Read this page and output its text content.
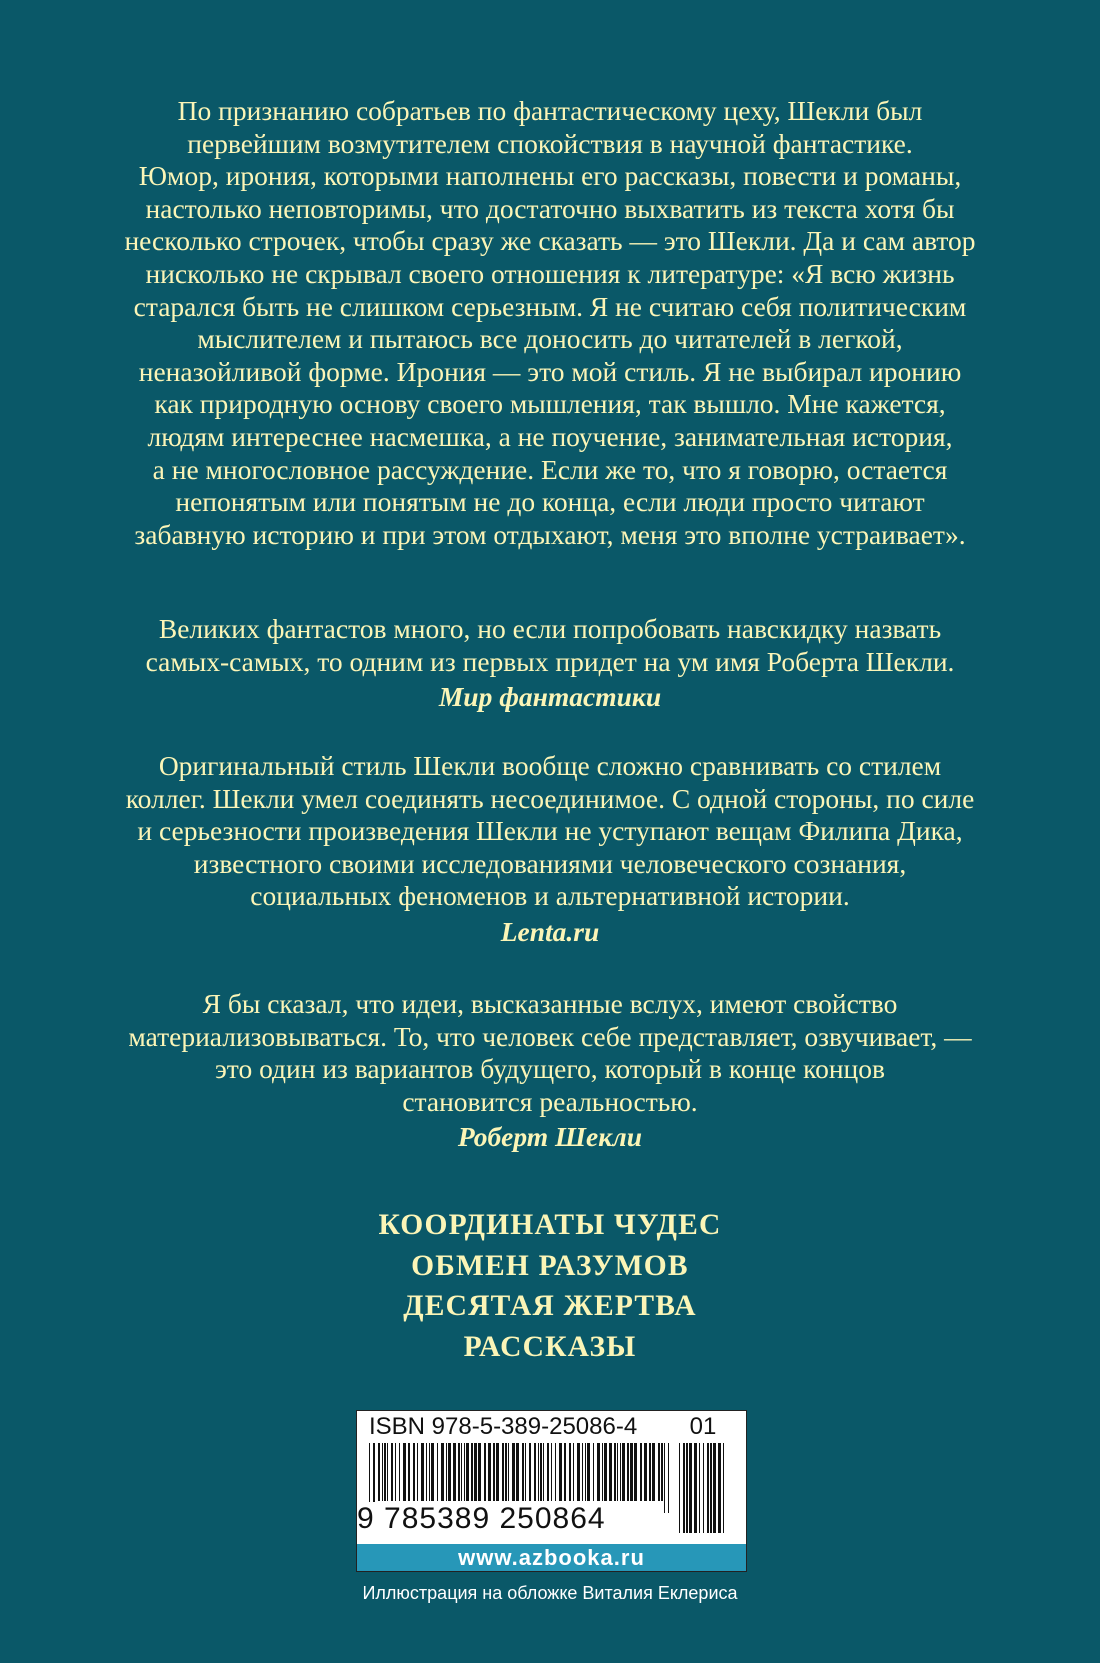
По признанию собратьев по фантастическому цеху, Шекли был
первейшим возмутителем спокойствия в научной фантастике.
Юмор, ирония, которыми наполнены его рассказы, повести и романы,
настолько неповторимы, что достаточно выхватить из текста хотя бы
несколько строчек, чтобы сразу же сказать — это Шекли. Да и сам автор
нисколько не скрывал своего отношения к литературе: «Я всю жизнь
старался быть не слишком серьезным. Я не считаю себя политическим
мыслителем и пытаюсь все доносить до читателей в легкой,
неназойливой форме. Ирония — это мой стиль. Я не выбирал иронию
как природную основу своего мышления, так вышло. Мне кажется,
людям интереснее насмешка, а не поучение, занимательная история,
а не многословное рассуждение. Если же то, что я говорю, остается
непонятым или понятым не до конца, если люди просто читают
забавную историю и при этом отдыхают, меня это вполне устраивает».
Великих фантастов много, но если попробовать навскидку назвать
самых-самых, то одним из первых придет на ум имя Роберта Шекли.
Мир фантастики
Оригинальный стиль Шекли вообще сложно сравнивать со стилем
коллег. Шекли умел соединять несоединимое. С одной стороны, по силе
и серьезности произведения Шекли не уступают вещам Филипа Дика,
известного своими исследованиями человеческого сознания,
социальных феноменов и альтернативной истории.
Lenta.ru
Я бы сказал, что идеи, высказанные вслух, имеют свойство
материализовываться. То, что человек себе представляет, озвучивает, —
это один из вариантов будущего, который в конце концов
становится реальностью.
Роберт Шекли
КООРДИНАТЫ ЧУДЕС
ОБМЕН РАЗУМОВ
ДЕСЯТАЯ ЖЕРТВА
РАССКАЗЫ
ISBN 978-5-389-25086-4	01
9 785389 250864
www.azbooka.ru
Иллюстрация на обложке Виталия Еклериса
